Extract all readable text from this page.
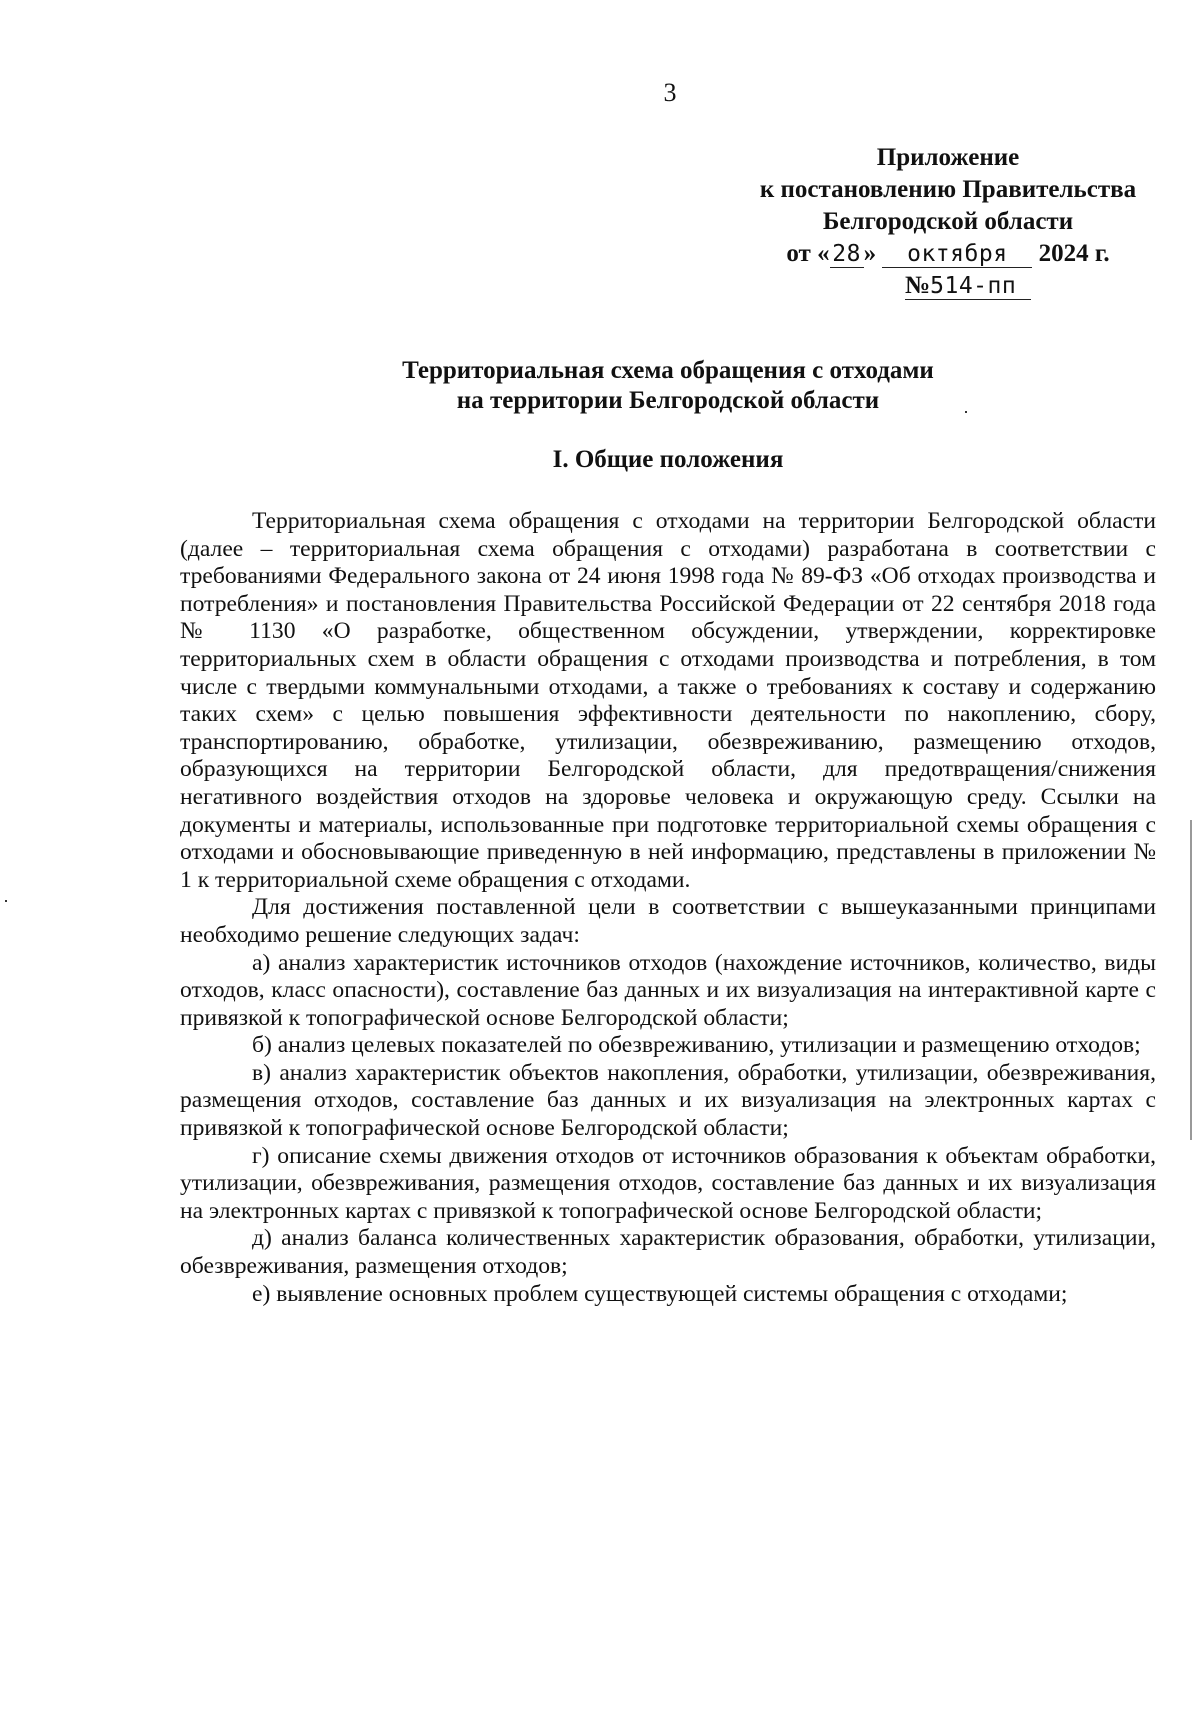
3
Приложение
к постановлению Правительства
Белгородской области
от « 28 » октября 2024 г.
№514-пп
Территориальная схема обращения с отходами
на территории Белгородской области
I. Общие положения

Территориальная схема обращения с отходами на территории Белгородской области (далее – территориальная схема обращения с отходами) разработана в соответствии с требованиями Федерального закона от 24 июня 1998 года № 89-ФЗ «Об отходах производства и потребления» и постановления Правительства Российской Федерации от 22 сентября 2018 года № 1130 «О разработке, общественном обсуждении, утверждении, корректировке территориальных схем в области обращения с отходами производства и потребления, в том числе с твердыми коммунальными отходами, а также о требованиях к составу и содержанию таких схем» с целью повышения эффективности деятельности по накоплению, сбору, транспортированию, обработке, утилизации, обезвреживанию, размещению отходов, образующихся на территории Белгородской области, для предотвращения/снижения негативного воздействия отходов на здоровье человека и окружающую среду. Ссылки на документы и материалы, использованные при подготовке территориальной схемы обращения с отходами и обосновывающие приведенную в ней информацию, представлены в приложении № 1 к территориальной схеме обращения с отходами.

Для достижения поставленной цели в соответствии с вышеуказанными принципами необходимо решение следующих задач:

а) анализ характеристик источников отходов (нахождение источников, количество, виды отходов, класс опасности), составление баз данных и их визуализация на интерактивной карте с привязкой к топографической основе Белгородской области;

б) анализ целевых показателей по обезвреживанию, утилизации и размещению отходов;

в) анализ характеристик объектов накопления, обработки, утилизации, обезвреживания, размещения отходов, составление баз данных и их визуализация на электронных картах с привязкой к топографической основе Белгородской области;

г) описание схемы движения отходов от источников образования к объектам обработки, утилизации, обезвреживания, размещения отходов, составление баз данных и их визуализация на электронных картах с привязкой к топографической основе Белгородской области;

д) анализ баланса количественных характеристик образования, обработки, утилизации, обезвреживания, размещения отходов;

е) выявление основных проблем существующей системы обращения с отходами;
